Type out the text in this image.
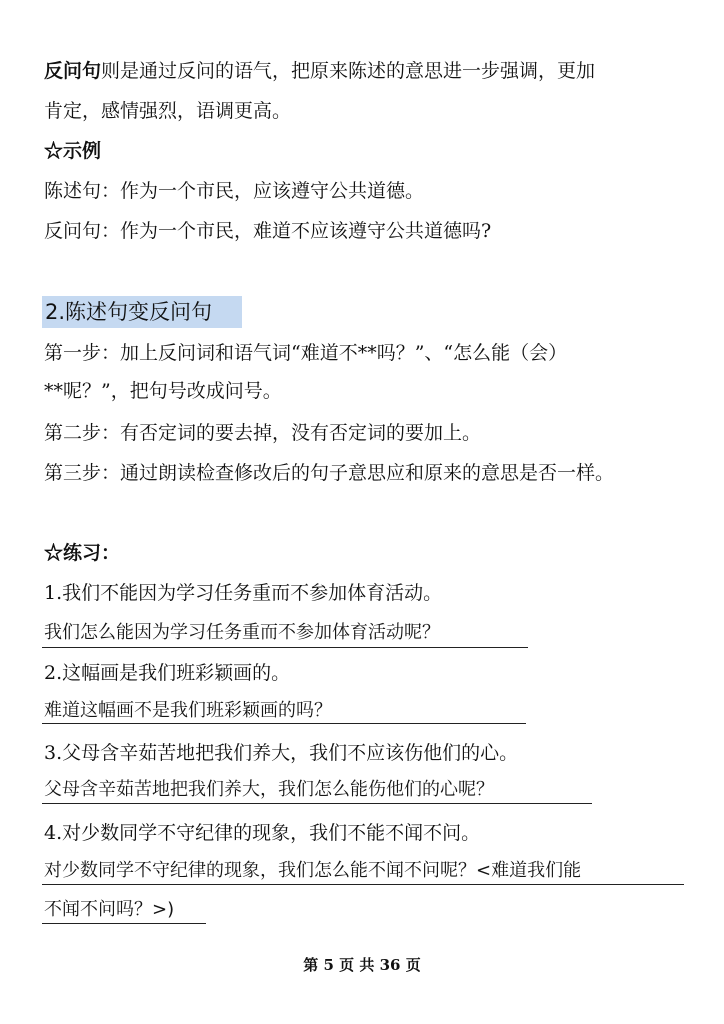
反问句则是通过反问的语气，把原来陈述的意思进一步强调，更加
肯定，感情强烈，语调更高。
☆示例
陈述句：作为一个市民，应该遵守公共道德。
反问句：作为一个市民，难道不应该遵守公共道德吗?
2.陈述句变反问句
第一步：加上反问词和语气词“难道不**吗？”、“怎么能（会）
**呢？”，把句号改成问号。
第二步：有否定词的要去掉，没有否定词的要加上。
第三步：通过朗读检查修改后的句子意思应和原来的意思是否一样。
☆练习：
1.我们不能因为学习任务重而不参加体育活动。
我们怎么能因为学习任务重而不参加体育活动呢？
2.这幅画是我们班彩颖画的。
难道这幅画不是我们班彩颖画的吗？
3.父母含辛茹苦地把我们养大，我们不应该伤他们的心。
父母含辛茹苦地把我们养大，我们怎么能伤他们的心呢？
4.对少数同学不守纪律的现象，我们不能不闻不问。
对少数同学不守纪律的现象，我们怎么能不闻不问呢？<难道我们能
不闻不问吗？>)
第 5 页 共 36 页
